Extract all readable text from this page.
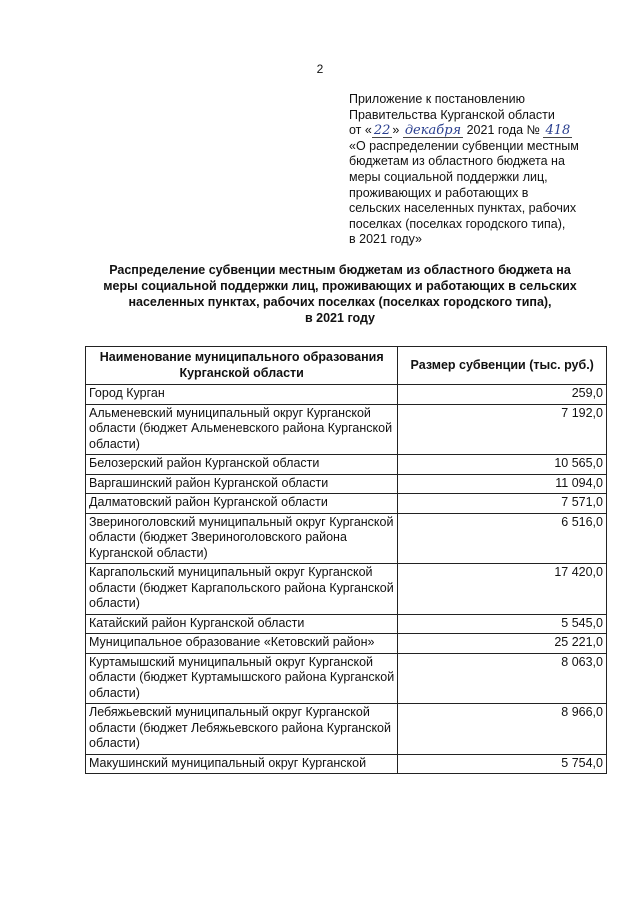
2
Приложение к постановлению
Правительства Курганской области
от « 22 » декабря 2021 года № 418
«О распределении субвенции местным
бюджетам из областного бюджета на
меры социальной поддержки лиц,
проживающих и работающих в
сельских населенных пунктах, рабочих
поселках (поселках городского типа),
в 2021 году»
Распределение субвенции местным бюджетам из областного бюджета на
меры социальной поддержки лиц, проживающих и работающих в сельских
населенных пунктах, рабочих поселках (поселках городского типа),
в 2021 году
Наименование муниципального образования Курганской области	Размер субвенции (тыс. руб.)
Город Курган	259,0
Альменевский муниципальный округ Курганской области (бюджет Альменевского района Курганской области)	7 192,0
Белозерский район Курганской области	10 565,0
Варгашинский район Курганской области	11 094,0
Далматовский район Курганской области	7 571,0
Звериноголовский муниципальный округ Курганской области (бюджет Звериноголовского района Курганской области)	6 516,0
Каргапольский муниципальный округ Курганской области (бюджет Каргапольского района Курганской области)	17 420,0
Катайский район Курганской области	5 545,0
Муниципальное образование «Кетовский район»	25 221,0
Куртамышский муниципальный округ Курганской области (бюджет Куртамышского района Курганской области)	8 063,0
Лебяжьевский муниципальный округ Курганской области (бюджет Лебяжьевского района Курганской области)	8 966,0
Макушинский муниципальный округ Курганской	5 754,0
